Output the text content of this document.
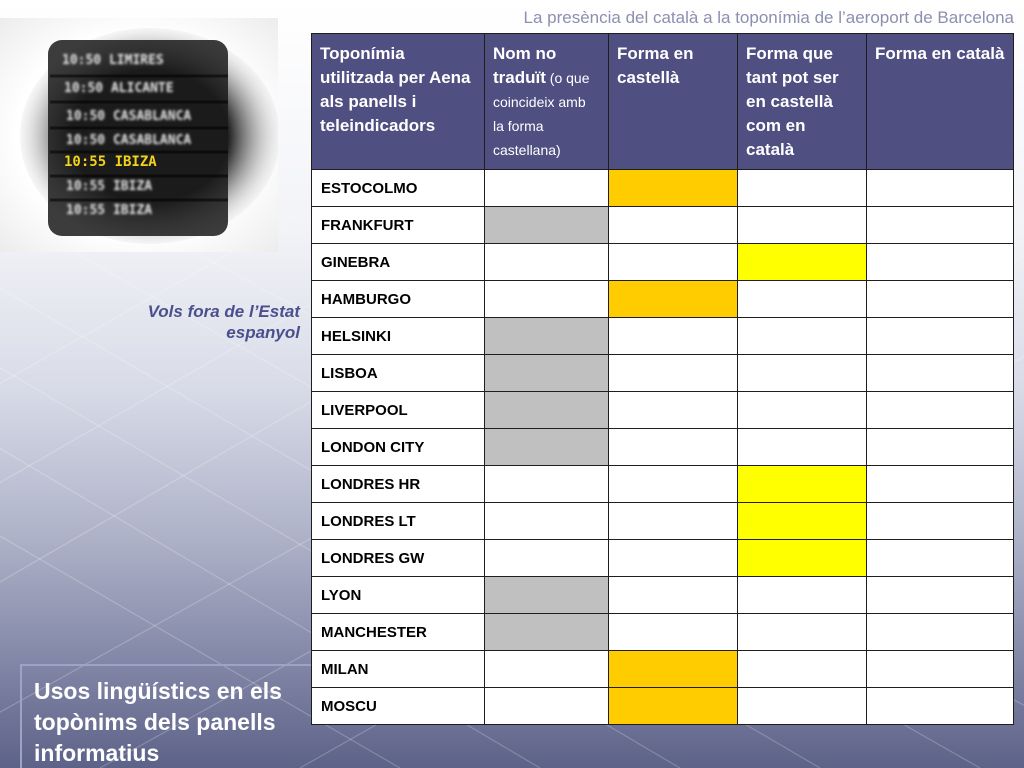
La presència del català a la toponímia de l’aeroport de Barcelona
10:50 LIMIRES
10:50 ALICANTE
10:50 CASABLANCA
10:50 CASABLANCA
10:55 IBIZA
10:55 IBIZA
10:55 IBIZA
Vols fora de l’Estat
espanyol
Usos lingüístics en els
topònims dels panells
informatius
Toponímia utilitzada per Aena als panells i teleindicadors	Nom no traduït (o que coincideix amb la forma castellana)	Forma en castellà	Forma que tant pot ser en castellà com en català	Forma en català
ESTOCOLMO				
FRANKFURT				
GINEBRA				
HAMBURGO				
HELSINKI				
LISBOA				
LIVERPOOL				
LONDON CITY				
LONDRES HR				
LONDRES LT				
LONDRES GW				
LYON				
MANCHESTER				
MILAN				
MOSCU				
